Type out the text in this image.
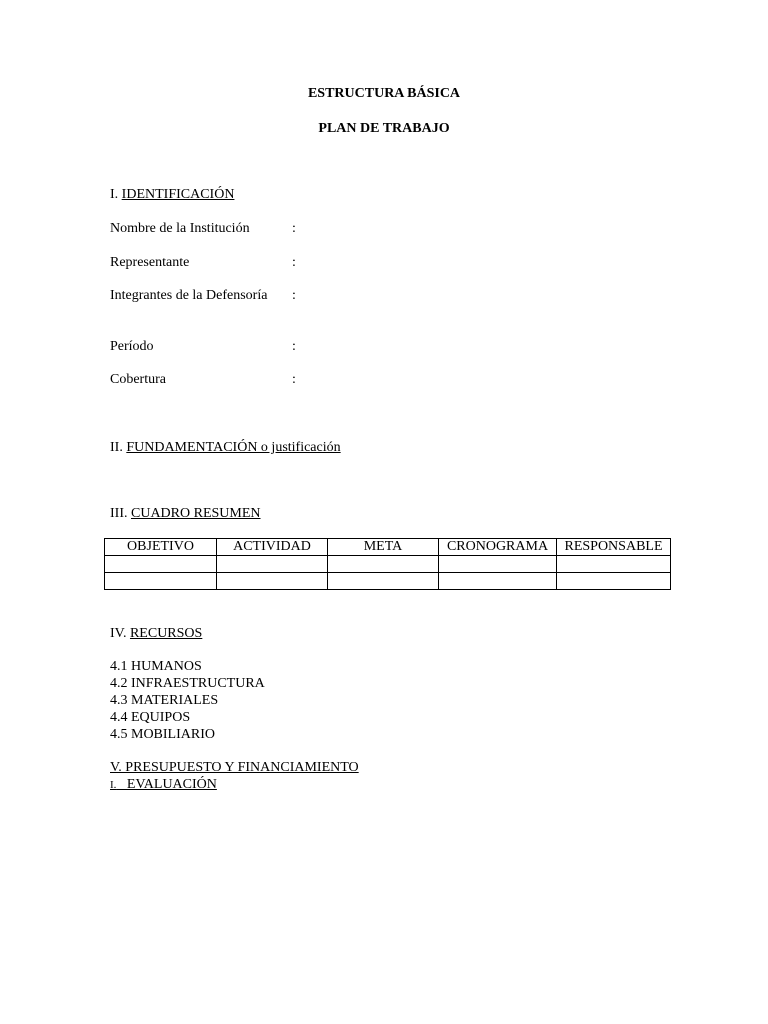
ESTRUCTURA BÁSICA
PLAN DE TRABAJO
I. IDENTIFICACIÓN
Nombre de la Institución	:
Representante	:
Integrantes de la Defensoría :
Período	:
Cobertura	:
II. FUNDAMENTACIÓN o justificación
III. CUADRO RESUMEN
OBJETIVO	ACTIVIDAD	META	CRONOGRAMA	RESPONSABLE

IV. RECURSOS
4.1 HUMANOS
4.2 INFRAESTRUCTURA
4.3 MATERIALES
4.4 EQUIPOS
4.5 MOBILIARIO
V. PRESUPUESTO Y FINANCIAMIENTO
I.   EVALUACIÓN
